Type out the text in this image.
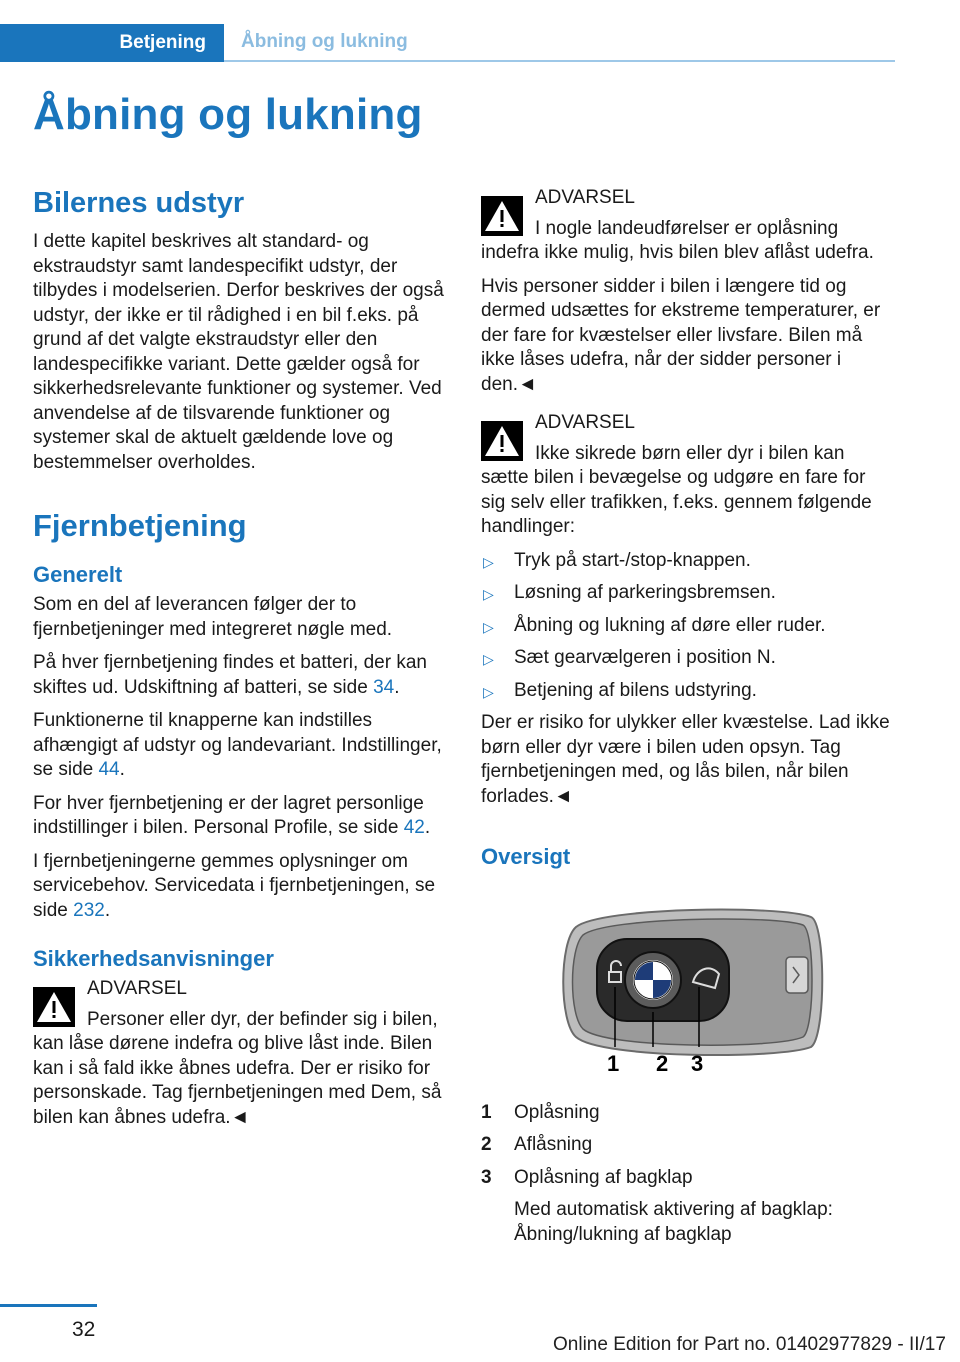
Betjening Åbning og lukning
Åbning og lukning
Bilernes udstyr

I dette kapitel beskrives alt standard- og ekstraudstyr samt landespecifikt udstyr, der tilbydes i modelserien. Derfor beskrives der også udstyr, der ikke er til rådighed i en bil f.eks. på grund af det valgte ekstraudstyr eller den landespecifikke variant. Dette gælder også for sikkerhedsrelevante funktioner og systemer. Ved anvendelse af de tilsvarende funktioner og systemer skal de aktuelt gældende love og bestemmelser overholdes.

Fjernbetjening
Generelt

Som en del af leverancen følger der to fjernbetjeninger med integreret nøgle med.

På hver fjernbetjening findes et batteri, der kan skiftes ud. Udskiftning af batteri, se side 34.

Funktionerne til knapperne kan indstilles afhængigt af udstyr og landevariant. Indstillinger, se side 44.

For hver fjernbetjening er der lagret personlige indstillinger i bilen. Personal Profile, se side 42.

I fjernbetjeningerne gemmes oplysninger om servicebehov. Servicedata i fjernbetjeningen, se side 232.

Sikkerhedsanvisninger
ADVARSEL
Personer eller dyr, der befinder sig i bilen, kan låse dørene indefra og blive låst inde. Bilen kan i så fald ikke åbnes udefra. Der er risiko for personskade. Tag fjernbetjeningen med Dem, så bilen kan åbnes udefra.◄
ADVARSEL
I nogle landeudførelser er oplåsning indefra ikke mulig, hvis bilen blev aflåst udefra.

Hvis personer sidder i bilen i længere tid og dermed udsættes for ekstreme temperaturer, er der fare for kvæstelser eller livsfare. Bilen må ikke låses udefra, når der sidder personer i den.◄

ADVARSEL
Ikke sikrede børn eller dyr i bilen kan sætte bilen i bevægelse og udgøre en fare for sig selv eller trafikken, f.eks. gennem følgende handlinger:
▷ Tryk på start-/stop-knappen.
▷ Løsning af parkeringsbremsen.
▷ Åbning og lukning af døre eller ruder.
▷ Sæt gearvælgeren i position N.
▷ Betjening af bilens udstyring.

Der er risiko for ulykker eller kvæstelse. Lad ikke børn eller dyr være i bilen uden opsyn. Tag fjernbetjeningen med, og lås bilen, når bilen forlades.◄

Oversigt
1 2 3
1 Oplåsning
2 Aflåsning
3 Oplåsning af bagklap
Med automatisk aktivering af bagklap: Åbning/lukning af bagklap
32
Online Edition for Part no. 01402977829 - II/17
